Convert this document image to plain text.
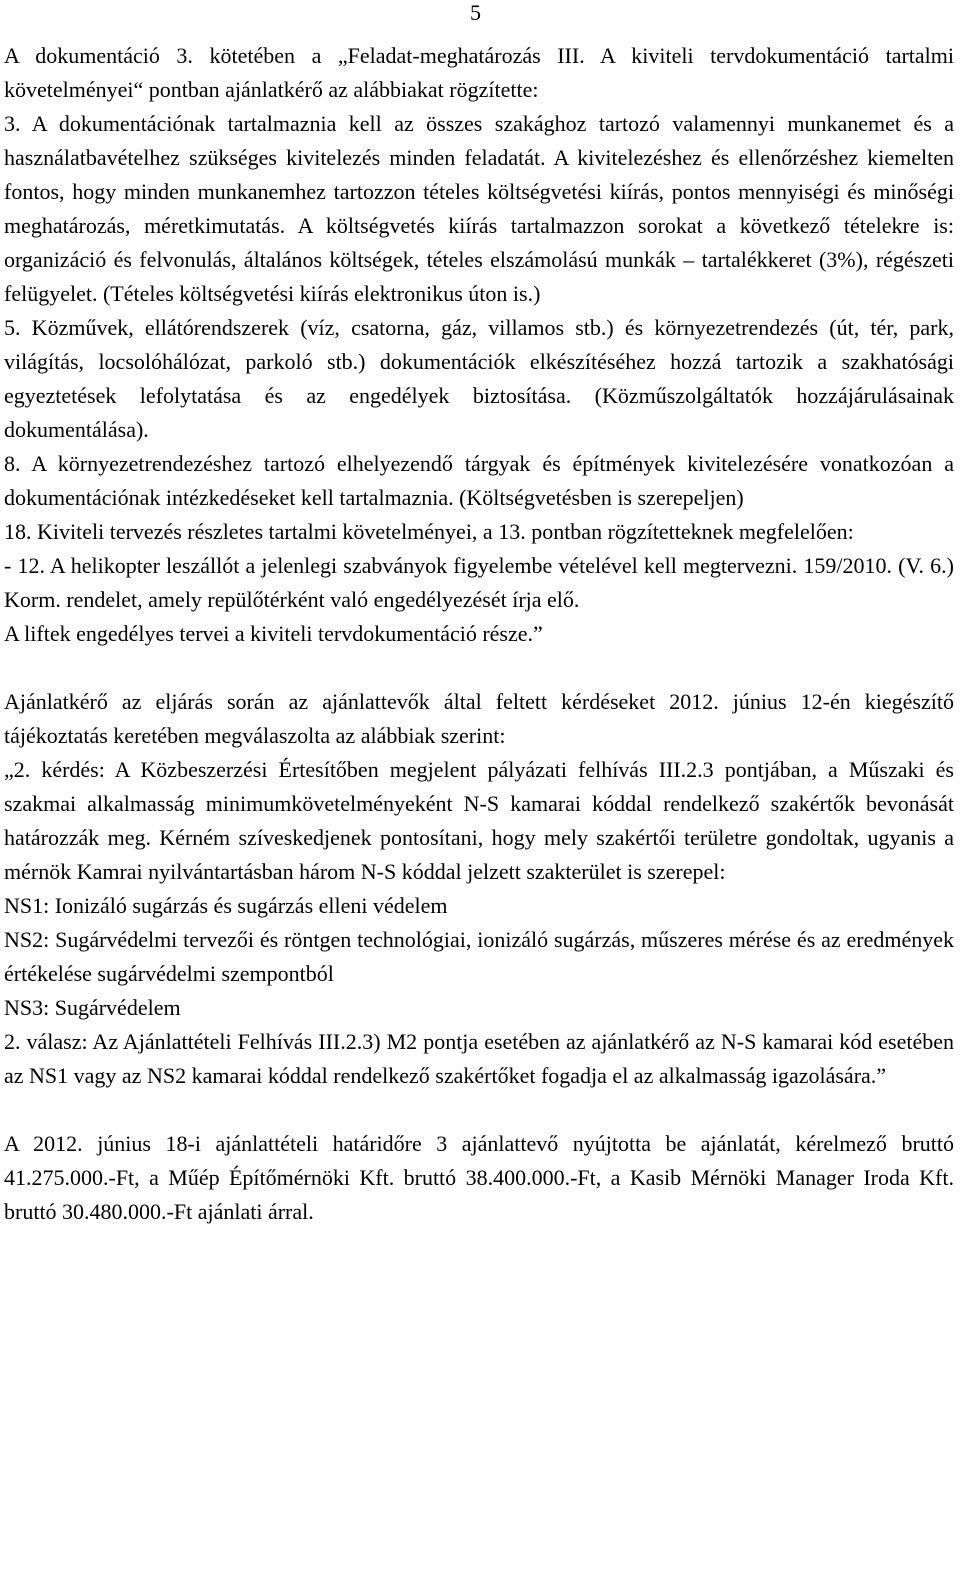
5

A dokumentáció 3. kötetében a „Feladat-meghatározás III. A kiviteli tervdokumentáció tartalmi követelményei“ pontban ajánlatkérő az alábbiakat rögzítette:

3. A dokumentációnak tartalmaznia kell az összes szakághoz tartozó valamennyi munkanemet és a használatbavételhez szükséges kivitelezés minden feladatát. A kivitelezéshez és ellenőrzéshez kiemelten fontos, hogy minden munkanemhez tartozzon tételes költségvetési kiírás, pontos mennyiségi és minőségi meghatározás, méretkimutatás. A költségvetés kiírás tartalmazzon sorokat a következő tételekre is: organizáció és felvonulás, általános költségek, tételes elszámolású munkák – tartalékkeret (3%), régészeti felügyelet. (Tételes költségvetési kiírás elektronikus úton is.)

5. Közművek, ellátórendszerek (víz, csatorna, gáz, villamos stb.) és környezetrendezés (út, tér, park, világítás, locsolóhálózat, parkoló stb.) dokumentációk elkészítéséhez hozzá tartozik a szakhatósági egyeztetések lefolytatása és az engedélyek biztosítása. (Közműszolgáltatók hozzájárulásainak dokumentálása).

8. A környezetrendezéshez tartozó elhelyezendő tárgyak és építmények kivitelezésére vonatkozóan a dokumentációnak intézkedéseket kell tartalmaznia. (Költségvetésben is szerepeljen)

18. Kiviteli tervezés részletes tartalmi követelményei, a 13. pontban rögzítetteknek megfelelően:

- 12. A helikopter leszállót a jelenlegi szabványok figyelembe vételével kell megtervezni. 159/2010. (V. 6.) Korm. rendelet, amely repülőtérként való engedélyezését írja elő.

A liftek engedélyes tervei a kiviteli tervdokumentáció része.”

Ajánlatkérő az eljárás során az ajánlattevők által feltett kérdéseket 2012. június 12-én kiegészítő tájékoztatás keretében megválaszolta az alábbiak szerint:

„2. kérdés: A Közbeszerzési Értesítőben megjelent pályázati felhívás III.2.3 pontjában, a Műszaki és szakmai alkalmasság minimumkövetelményeként N-S kamarai kóddal rendelkező szakértők bevonását határozzák meg. Kérném szíveskedjenek pontosítani, hogy mely szakértői területre gondoltak, ugyanis a mérnök Kamrai nyilvántartásban három N-S kóddal jelzett szakterület is szerepel:

NS1: Ionizáló sugárzás és sugárzás elleni védelem

NS2: Sugárvédelmi tervezői és röntgen technológiai, ionizáló sugárzás, műszeres mérése és az eredmények értékelése sugárvédelmi szempontból

NS3: Sugárvédelem

2. válasz: Az Ajánlattételi Felhívás III.2.3) M2 pontja esetében az ajánlatkérő az N-S kamarai kód esetében az NS1 vagy az NS2 kamarai kóddal rendelkező szakértőket fogadja el az alkalmasság igazolására.”

A 2012. június 18-i ajánlattételi határidőre 3 ajánlattevő nyújtotta be ajánlatát, kérelmező bruttó 41.275.000.-Ft, a Műép Építőmérnöki Kft. bruttó 38.400.000.-Ft, a Kasib Mérnöki Manager Iroda Kft. bruttó 30.480.000.-Ft ajánlati árral.
